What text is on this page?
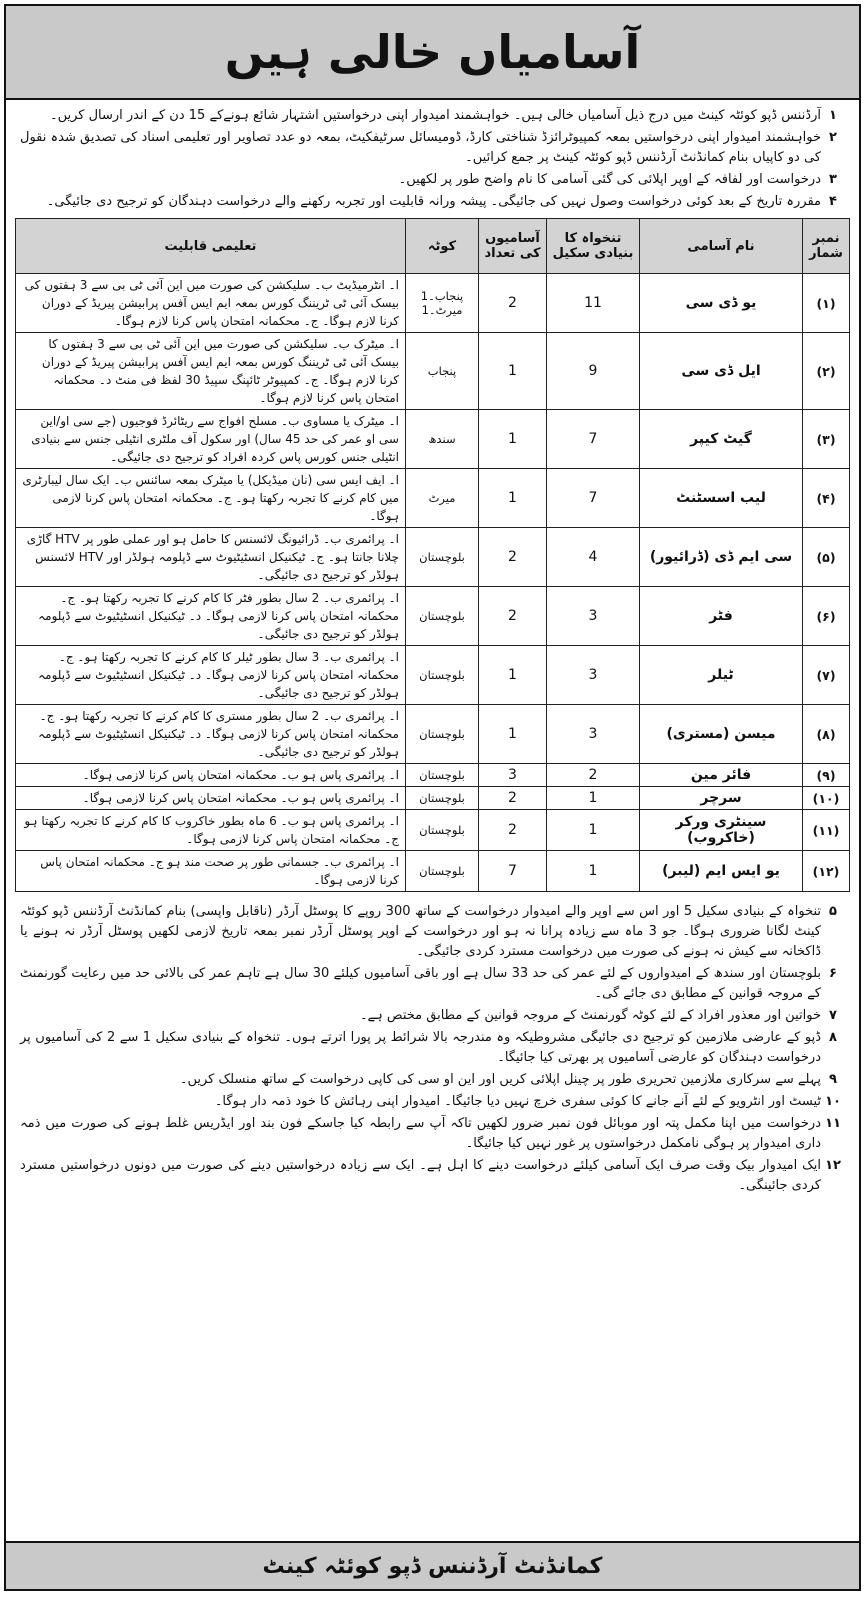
آسامیاں خالی ہیں
۱
آرڈننس ڈپو کوئٹہ کینٹ میں درج ذیل آسامیاں خالی ہیں۔ خواہشمند امیدوار اپنی درخواستیں اشتہار شائع ہونےکے 15 دن کے اندر ارسال کریں۔
۲
خواہشمند امیدوار اپنی درخواستیں بمعہ کمپیوٹرائزڈ شناختی کارڈ، ڈومیسائل سرٹیفکیٹ، بمعہ دو عدد تصاویر اور تعلیمی اسناد کی تصدیق شدہ نقول کی دو کاپیاں بنام کمانڈنٹ آرڈننس ڈپو کوئٹہ کینٹ پر جمع کرائیں۔
۳
درخواست اور لفافہ کے اوپر اپلائی کی گئی آسامی کا نام واضح طور پر لکھیں۔
۴
مقررہ تاریخ کے بعد کوئی درخواست وصول نہیں کی جائیگی۔ پیشہ ورانہ قابلیت اور تجربہ رکھنے والے درخواست دہندگان کو ترجیح دی جائیگی۔
نمبر شمار	نام آسامی	تنخواہ کا بنیادی سکیل	آسامیوں کی تعداد	کوٹہ	تعلیمی قابلیت
(۱)	یو ڈی سی	11	2	پنجاب۔1 میرٹ۔1	ا۔ انٹرمیڈیٹ ب۔ سلیکشن کی صورت میں این آئی ٹی بی سے 3 ہفتوں کی بیسک آئی ٹی ٹریننگ کورس بمعہ ایم ایس آفس پرابیشن پیریڈ کے دوران کرنا لازم ہوگا۔ ج۔ محکمانہ امتحان پاس کرنا لازم ہوگا۔
(۲)	ایل ڈی سی	9	1	پنجاب	ا۔ میٹرک ب۔ سلیکشن کی صورت میں این آئی ٹی بی سے 3 ہفتوں کا بیسک آئی ٹی ٹریننگ کورس بمعہ ایم ایس آفس پرابیشن پیریڈ کے دوران کرنا لازم ہوگا۔ ج۔ کمپیوٹر ٹائپنگ سپیڈ 30 لفظ فی منٹ د۔ محکمانہ امتحان پاس کرنا لازم ہوگا۔
(۳)	گیٹ کیپر	7	1	سندھ	ا۔ میٹرک یا مساوی ب۔ مسلح افواج سے ریٹائرڈ فوجیوں (جے سی او/این سی او عمر کی حد 45 سال) اور سکول آف ملٹری انٹیلی جنس سے بنیادی انٹیلی جنس کورس پاس کردہ افراد کو ترجیح دی جائیگی۔
(۴)	لیب اسسٹنٹ	7	1	میرٹ	ا۔ ایف ایس سی (نان میڈیکل) یا میٹرک بمعہ سائنس ب۔ ایک سال لیبارٹری میں کام کرنے کا تجربہ رکھتا ہو۔ ج۔ محکمانہ امتحان پاس کرنا لازمی ہوگا۔
(۵)	سی ایم ڈی (ڈرائیور)	4	2	بلوچستان	ا۔ پرائمری ب۔ ڈرائیونگ لائسنس کا حامل ہو اور عملی طور پر HTV گاڑی چلانا جانتا ہو۔ ج۔ ٹیکنیکل انسٹیٹیوٹ سے ڈپلومہ ہولڈر اور HTV لائسنس ہولڈر کو ترجیح دی جائیگی۔
(۶)	فٹر	3	2	بلوچستان	ا۔ پرائمری ب۔ 2 سال بطور فٹر کا کام کرنے کا تجربہ رکھتا ہو۔ ج۔ محکمانہ امتحان پاس کرنا لازمی ہوگا۔ د۔ ٹیکنیکل انسٹیٹیوٹ سے ڈپلومہ ہولڈر کو ترجیح دی جائیگی۔
(۷)	ٹیلر	3	1	بلوچستان	ا۔ پرائمری ب۔ 3 سال بطور ٹیلر کا کام کرنے کا تجربہ رکھتا ہو۔ ج۔ محکمانہ امتحان پاس کرنا لازمی ہوگا۔ د۔ ٹیکنیکل انسٹیٹیوٹ سے ڈپلومہ ہولڈر کو ترجیح دی جائیگی۔
(۸)	میسن (مستری)	3	1	بلوچستان	ا۔ پرائمری ب۔ 2 سال بطور مستری کا کام کرنے کا تجربہ رکھتا ہو۔ ج۔ محکمانہ امتحان پاس کرنا لازمی ہوگا۔ د۔ ٹیکنیکل انسٹیٹیوٹ سے ڈپلومہ ہولڈر کو ترجیح دی جائیگی۔
(۹)	فائر مین	2	3	بلوچستان	ا۔ پرائمری پاس ہو ب۔ محکمانہ امتحان پاس کرنا لازمی ہوگا۔
(۱۰)	سرچر	1	2	بلوچستان	ا۔ پرائمری پاس ہو ب۔ محکمانہ امتحان پاس کرنا لازمی ہوگا۔
(۱۱)	سینٹری ورکر (خاکروب)	1	2	بلوچستان	ا۔ پرائمری پاس ہو ب۔ 6 ماہ بطور خاکروب کا کام کرنے کا تجربہ رکھتا ہو ج۔ محکمانہ امتحان پاس کرنا لازمی ہوگا۔
(۱۲)	یو ایس ایم (لیبر)	1	7	بلوچستان	ا۔ پرائمری ب۔ جسمانی طور پر صحت مند ہو ج۔ محکمانہ امتحان پاس کرنا لازمی ہوگا۔
۵
تنخواہ کے بنیادی سکیل 5 اور اس سے اوپر والے امیدوار درخواست کے ساتھ 300 روپے کا پوسٹل آرڈر (ناقابل واپسی) بنام کمانڈنٹ آرڈننس ڈپو کوئٹہ کینٹ لگانا ضروری ہوگا۔ جو 3 ماہ سے زیادہ پرانا نہ ہو اور درخواست کے اوپر پوسٹل آرڈر نمبر بمعہ تاریخ لازمی لکھیں پوسٹل آرڈر نہ ہونے یا ڈاکخانہ سے کیش نہ ہونے کی صورت میں درخواست مسترد کردی جائیگی۔
۶
بلوچستان اور سندھ کے امیدواروں کے لئے عمر کی حد 33 سال ہے اور باقی آسامیوں کیلئے 30 سال ہے تاہم عمر کی بالائی حد میں رعایت گورنمنٹ کے مروجہ قوانین کے مطابق دی جائے گی۔
۷
خواتین اور معذور افراد کے لئے کوٹہ گورنمنٹ کے مروجہ قوانین کے مطابق مختص ہے۔
۸
ڈپو کے عارضی ملازمین کو ترجیح دی جائیگی مشروطیکہ وہ مندرجہ بالا شرائط پر پورا اترتے ہوں۔ تنخواہ کے بنیادی سکیل 1 سے 2 کی آسامیوں پر درخواست دہندگان کو عارضی آسامیوں پر بھرتی کیا جائیگا۔
۹
پہلے سے سرکاری ملازمین تحریری طور پر چینل اپلائی کریں اور این او سی کی کاپی درخواست کے ساتھ منسلک کریں۔
۱۰
ٹیسٹ اور انٹرویو کے لئے آنے جانے کا کوئی سفری خرچ نہیں دیا جائیگا۔ امیدوار اپنی رہائش کا خود ذمہ دار ہوگا۔
۱۱
درخواست میں اپنا مکمل پتہ اور موبائل فون نمبر ضرور لکھیں تاکہ آپ سے رابطہ کیا جاسکے فون بند اور ایڈریس غلط ہونے کی صورت میں ذمہ داری امیدوار پر ہوگی نامکمل درخواستوں پر غور نہیں کیا جائیگا۔
۱۲
ایک امیدوار بیک وقت صرف ایک آسامی کیلئے درخواست دینے کا اہل ہے۔ ایک سے زیادہ درخواستیں دینے کی صورت میں دونوں درخواستیں مسترد کردی جائینگی۔
کمانڈنٹ آرڈننس ڈپو کوئٹہ کینٹ
